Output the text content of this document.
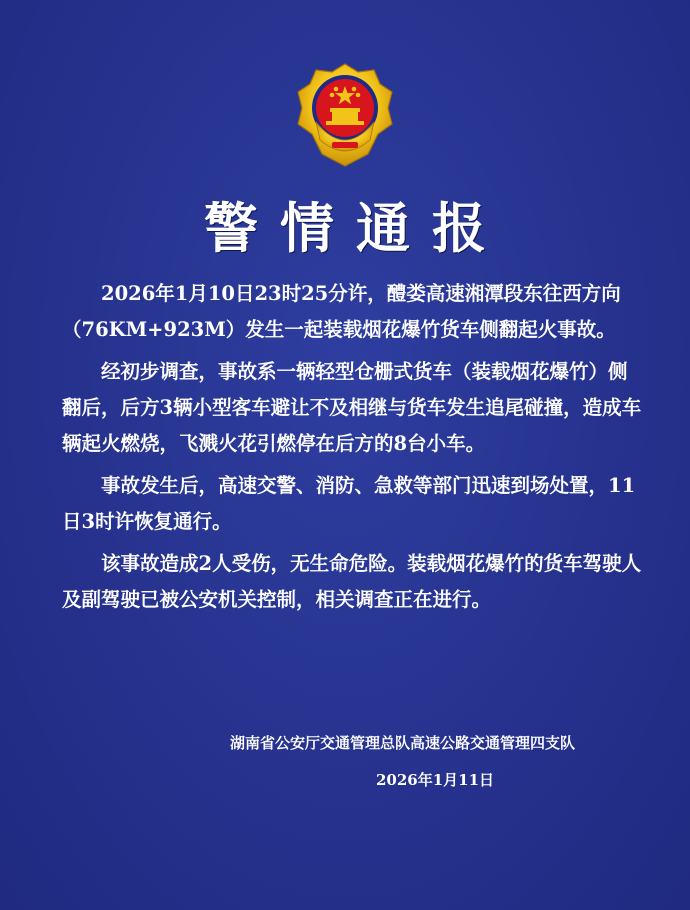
警情通报

2026年1月10日23时25分许，醴娄高速湘潭段东往西方向（76KM+923M）发生一起装载烟花爆竹货车侧翻起火事故。

经初步调查，事故系一辆轻型仓栅式货车（装载烟花爆竹）侧翻后，后方3辆小型客车避让不及相继与货车发生追尾碰撞，造成车辆起火燃烧，飞溅火花引燃停在后方的8台小车。

事故发生后，高速交警、消防、急救等部门迅速到场处置，11日3时许恢复通行。

该事故造成2人受伤，无生命危险。装载烟花爆竹的货车驾驶人及副驾驶已被公安机关控制，相关调查正在进行。

湖南省公安厅交通管理总队高速公路交通管理四支队
2026年1月11日
